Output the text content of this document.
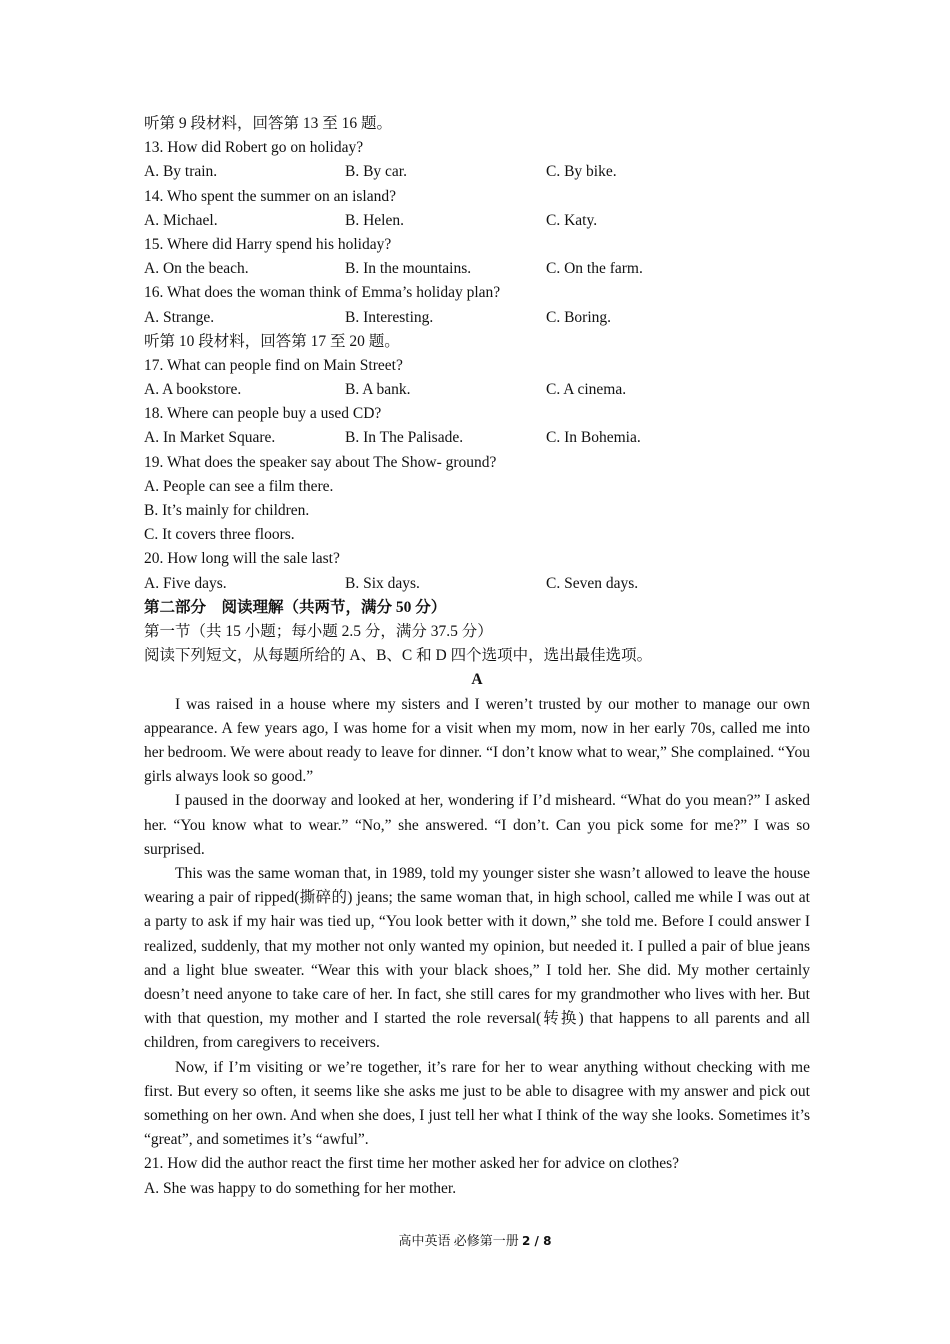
听第 9 段材料，回答第 13 至 16 题。
13. How did Robert go on holiday?
A. By train.	B. By car.	C. By bike.
14. Who spent the summer on an island?
A. Michael.	B. Helen.	C. Katy.
15. Where did Harry spend his holiday?
A. On the beach.	B. In the mountains.	C. On the farm.
16. What does the woman think of Emma’s holiday plan?
A. Strange.	B. Interesting.	C. Boring.
听第 10 段材料，回答第 17 至 20 题。
17. What can people find on Main Street?
A. A bookstore.	B. A bank.	C. A cinema.
18. Where can people buy a used CD?
A. In Market Square.	B. In The Palisade.	C. In Bohemia.
19. What does the speaker say about The Show- ground?
A. People can see a film there.
B. It’s mainly for children.
C. It covers three floors.
20. How long will the sale last?
A. Five days.	B. Six days.	C. Seven days.
第二部分　阅读理解（共两节，满分 50 分）
第一节（共 15 小题；每小题 2.5 分，满分 37.5 分）
阅读下列短文，从每题所给的 A、B、C 和 D 四个选项中，选出最佳选项。
A

I was raised in a house where my sisters and I weren’t trusted by our mother to manage our own appearance. A few years ago, I was home for a visit when my mom, now in her early 70s, called me into her bedroom. We were about ready to leave for dinner. “I don’t know what to wear,” She complained. “You girls always look so good.”

I paused in the doorway and looked at her, wondering if I’d misheard. “What do you mean?” I asked her. “You know what to wear.” “No,” she answered. “I don’t. Can you pick some for me?” I was so surprised.

This was the same woman that, in 1989, told my younger sister she wasn’t allowed to leave the house wearing a pair of ripped(撕碎的) jeans; the same woman that, in high school, called me while I was out at a party to ask if my hair was tied up, “You look better with it down,” she told me. Before I could answer I realized, suddenly, that my mother not only wanted my opinion, but needed it. I pulled a pair of blue jeans and a light blue sweater. “Wear this with your black shoes,” I told her. She did. My mother certainly doesn’t need anyone to take care of her. In fact, she still cares for my grandmother who lives with her. But with that question, my mother and I started the role reversal(转换) that happens to all parents and all children, from caregivers to receivers.

Now, if I’m visiting or we’re together, it’s rare for her to wear anything without checking with me first. But every so often, it seems like she asks me just to be able to disagree with my answer and pick out something on her own. And when she does, I just tell her what I think of the way she looks. Sometimes it’s “great”, and sometimes it’s “awful”.

21. How did the author react the first time her mother asked her for advice on clothes?
A. She was happy to do something for her mother.
高中英语 必修第一册 2 / 8
